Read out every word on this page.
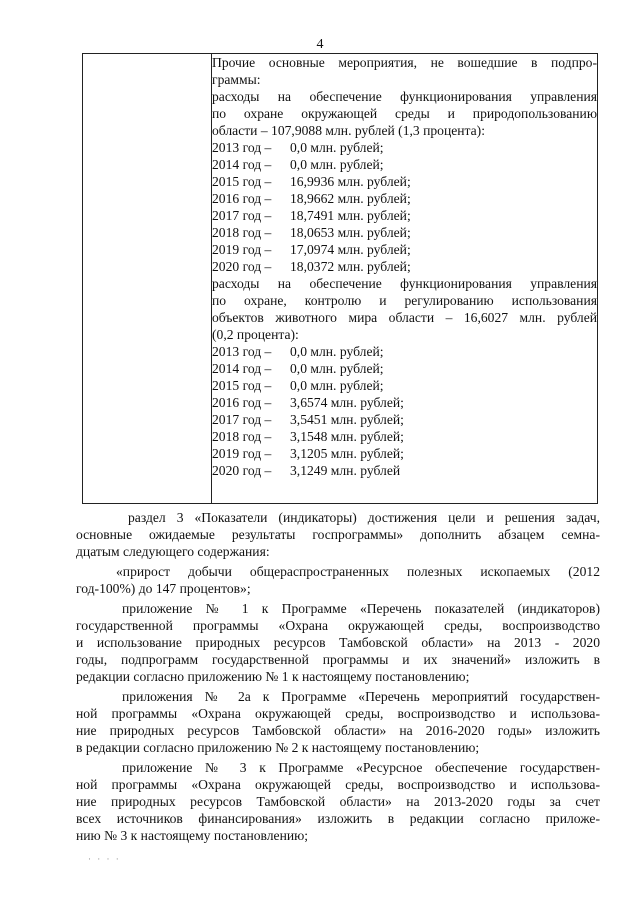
4

Прочие основные мероприятия, не вошедшие в подпро-
граммы:
расходы на обеспечение функционирования управления
по охране окружающей среды и природопользованию
области – 107,9088 млн. рублей (1,3 процента):
2013 год – 0,0 млн. рублей;
2014 год – 0,0 млн. рублей;
2015 год – 16,9936 млн. рублей;
2016 год – 18,9662 млн. рублей;
2017 год – 18,7491 млн. рублей;
2018 год – 18,0653 млн. рублей;
2019 год – 17,0974 млн. рублей;
2020 год – 18,0372 млн. рублей;
расходы на обеспечение функционирования управления
по охране, контролю и регулированию использования
объектов животного мира области – 16,6027 млн. рублей
(0,2 процента):
2013 год – 0,0 млн. рублей;
2014 год – 0,0 млн. рублей;
2015 год – 0,0 млн. рублей;
2016 год – 3,6574 млн. рублей;
2017 год – 3,5451 млн. рублей;
2018 год – 3,1548 млн. рублей;
2019 год – 3,1205 млн. рублей;
2020 год – 3,1249 млн. рублей

раздел 3 «Показатели (индикаторы) достижения цели и решения задач,
основные ожидаемые результаты госпрограммы» дополнить абзацем семна-
дцатым следующего содержания:

«прирост добычи общераспространенных полезных ископаемых (2012
год-100%) до 147 процентов»;

приложение № 1 к Программе «Перечень показателей (индикаторов)
государственной программы «Охрана окружающей среды, воспроизводство
и использование природных ресурсов Тамбовской области» на 2013 - 2020
годы, подпрограмм государственной программы и их значений» изложить в
редакции согласно приложению № 1 к настоящему постановлению;

приложения № 2а к Программе «Перечень мероприятий государствен-
ной программы «Охрана окружающей среды, воспроизводство и использова-
ние природных ресурсов Тамбовской области» на 2016-2020 годы» изложить
в редакции согласно приложению № 2 к настоящему постановлению;

приложение № 3 к Программе «Ресурсное обеспечение государствен-
ной программы «Охрана окружающей среды, воспроизводство и использова-
ние природных ресурсов Тамбовской области» на 2013-2020 годы за счет
всех источников финансирования» изложить в редакции согласно приложе-
нию № 3 к настоящему постановлению;

· · · ·
